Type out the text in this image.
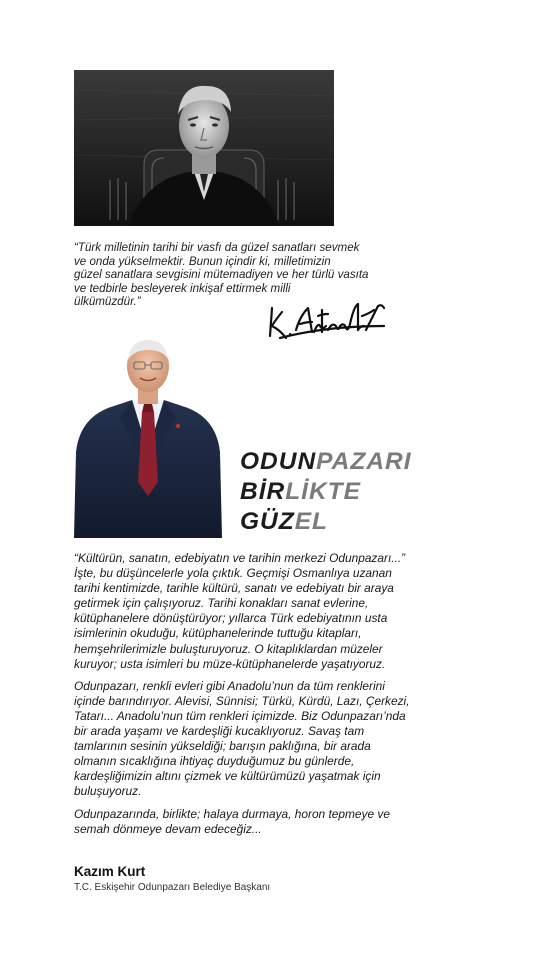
“Türk milletinin tarihi bir vasfı da güzel sanatları sevmek
ve onda yükselmektir. Bunun içindir ki, milletimizin
güzel sanatlara sevgisini mütemadiyen ve her türlü vasıta
ve tedbirle besleyerek inkişaf ettirmek milli
ülkümüzdür.”
ODUNPAZARI
BİRLİKTE
GÜZEL
“Kültürün, sanatın, edebiyatın ve tarihin merkezi Odunpazarı...”
İşte, bu düşüncelerle yola çıktık. Geçmişi Osmanlıya uzanan
tarihi kentimizde, tarihle kültürü, sanatı ve edebiyatı bir araya
getirmek için çalışıyoruz. Tarihi konakları sanat evlerine,
kütüphanelere dönüştürüyor; yıllarca Türk edebiyatının usta
isimlerinin okuduğu, kütüphanelerinde tuttuğu kitapları,
hemşehrilerimizle buluşturuyoruz. O kitaplıklardan müzeler
kuruyor; usta isimleri bu müze-kütüphanelerde yaşatıyoruz.
Odunpazarı, renkli evleri gibi Anadolu’nun da tüm renklerini
içinde barındırıyor. Alevisi, Sünnisi; Türkü, Kürdü, Lazı, Çerkezi,
Tatarı... Anadolu’nun tüm renkleri içimizde. Biz Odunpazarı’nda
bir arada yaşamı ve kardeşliği kucaklıyoruz. Savaş tam
tamlarının sesinin yükseldiği; barışın paklığına, bir arada
olmanın sıcaklığına ihtiyaç duyduğumuz bu günlerde,
kardeşliğimizin altını çizmek ve kültürümüzü yaşatmak için
buluşuyoruz.
Odunpazarında, birlikte; halaya durmaya, horon tepmeye ve
semah dönmeye devam edeceğiz...
Kazım Kurt
T.C. Eskişehir Odunpazarı Belediye Başkanı
